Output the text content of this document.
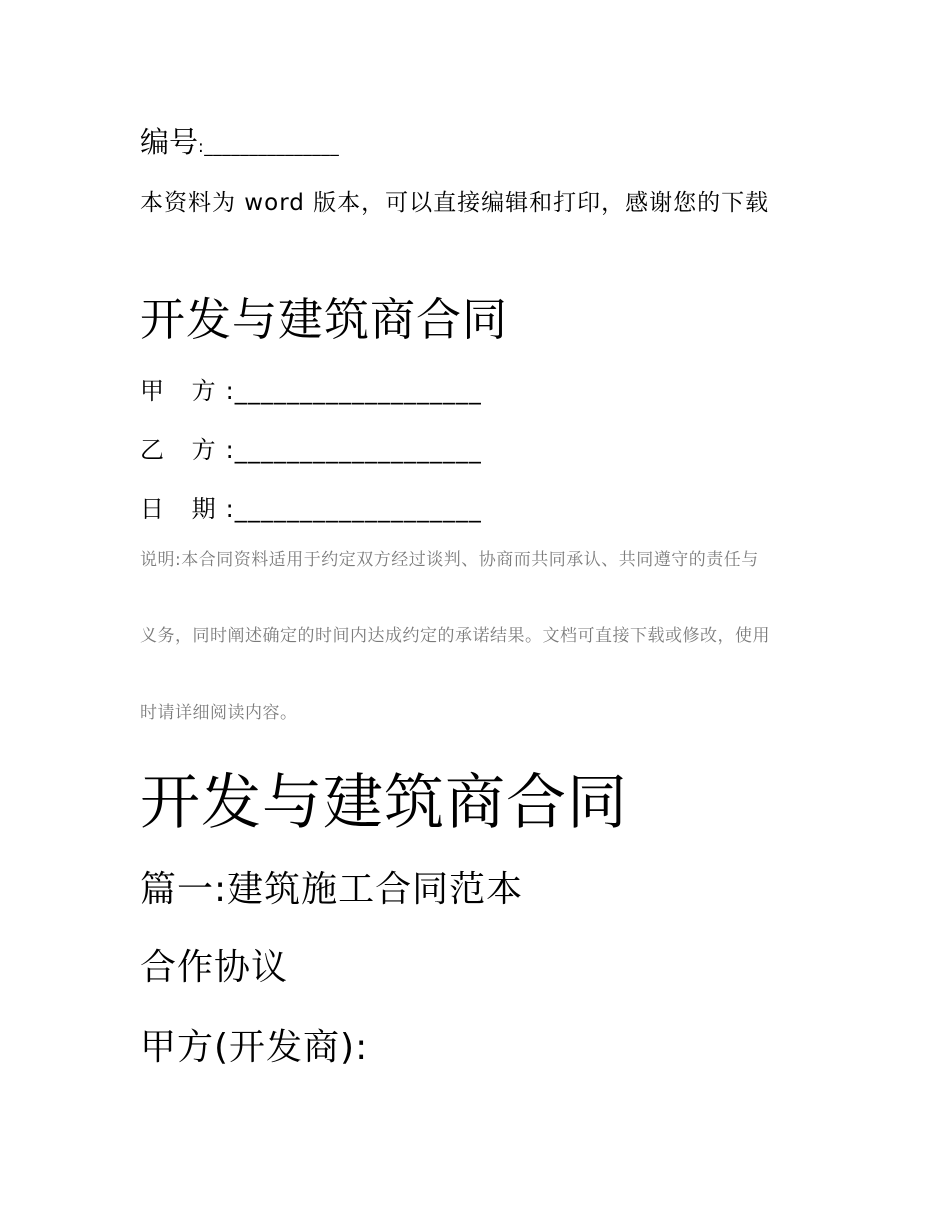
编号:_______________

本资料为 word 版本，可以直接编辑和打印，感谢您的下载

开发与建筑商合同

甲 方:___________________

乙 方:___________________

日 期:___________________

说明:本合同资料适用于约定双方经过谈判、协商而共同承认、共同遵守的责任与

义务，同时阐述确定的时间内达成约定的承诺结果。文档可直接下载或修改，使用

时请详细阅读内容。

开发与建筑商合同
篇一:建筑施工合同范本
合作协议
甲方(开发商):
